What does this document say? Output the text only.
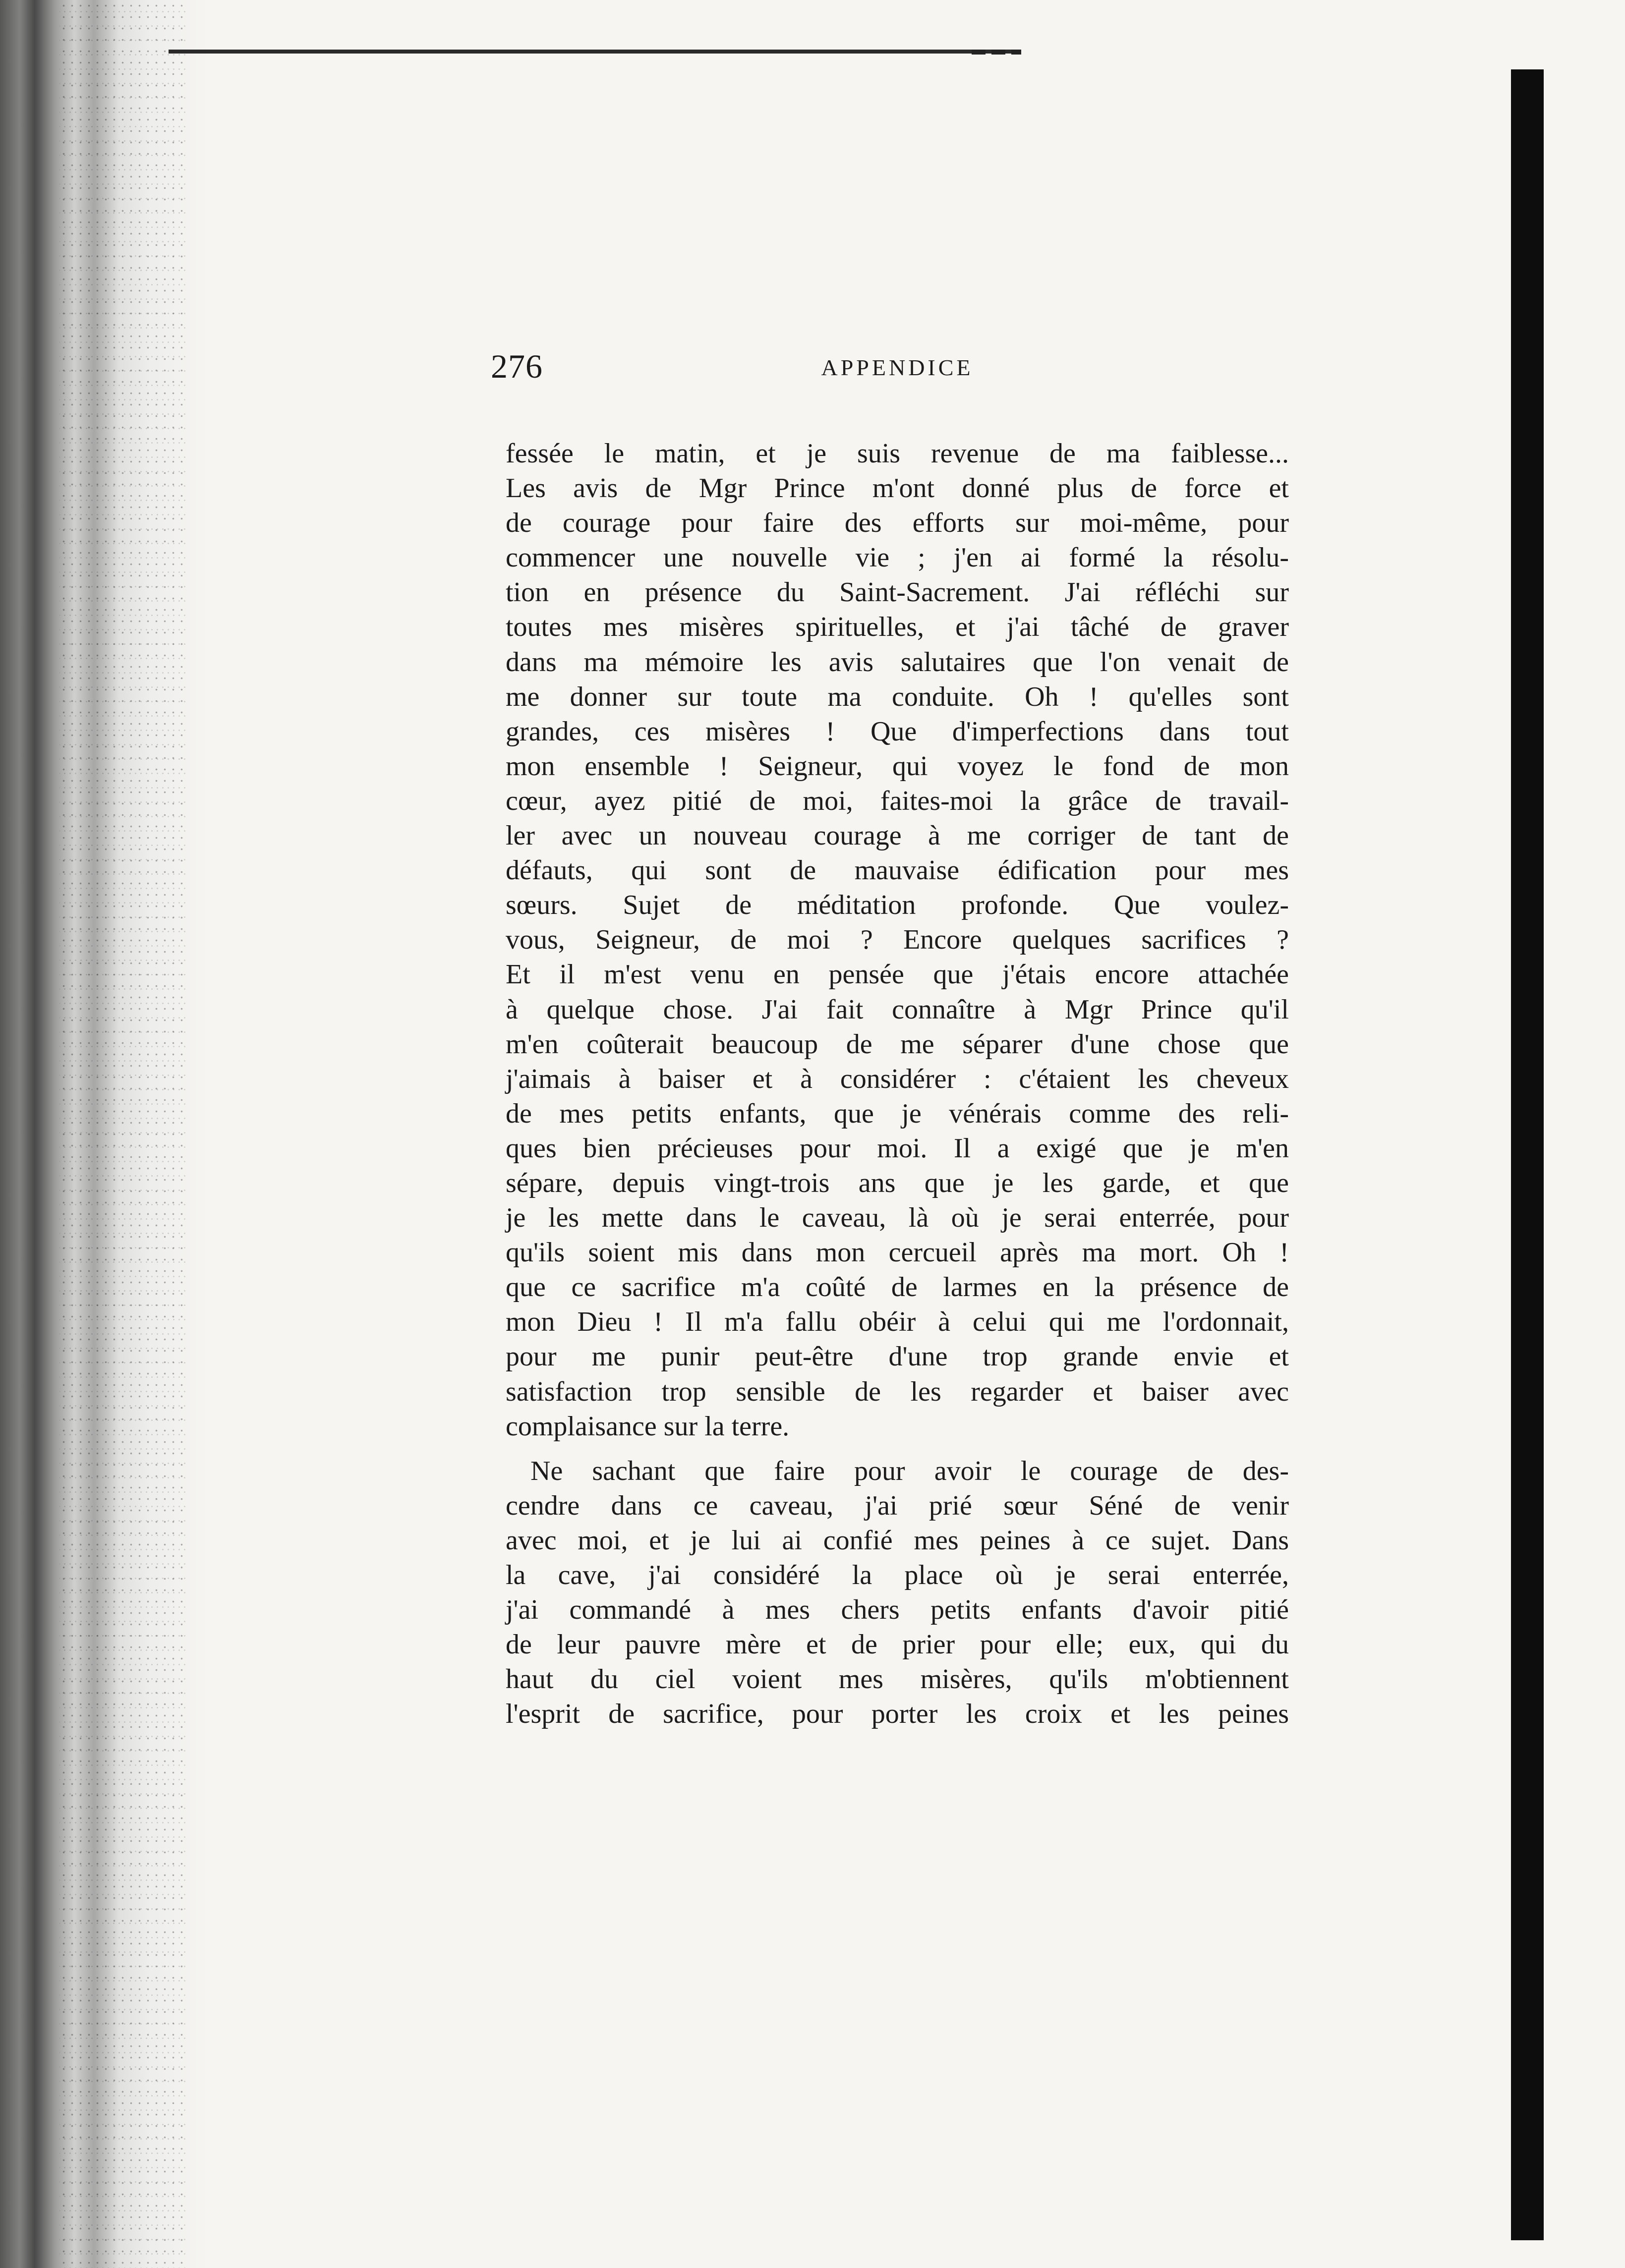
276	APPENDICE
fessée le matin, et je suis revenue de ma faiblesse...
Les avis de Mgr Prince m'ont donné plus de force et
de courage pour faire des efforts sur moi-même, pour
commencer une nouvelle vie ; j'en ai formé la résolu-
tion en présence du Saint-Sacrement. J'ai réfléchi sur
toutes mes misères spirituelles, et j'ai tâché de graver
dans ma mémoire les avis salutaires que l'on venait de
me donner sur toute ma conduite. Oh ! qu'elles sont
grandes, ces misères ! Que d'imperfections dans tout
mon ensemble ! Seigneur, qui voyez le fond de mon
cœur, ayez pitié de moi, faites-moi la grâce de travail-
ler avec un nouveau courage à me corriger de tant de
défauts, qui sont de mauvaise édification pour mes
sœurs. Sujet de méditation profonde. Que voulez-
vous, Seigneur, de moi ? Encore quelques sacrifices ?
Et il m'est venu en pensée que j'étais encore attachée
à quelque chose. J'ai fait connaître à Mgr Prince qu'il
m'en coûterait beaucoup de me séparer d'une chose que
j'aimais à baiser et à considérer : c'étaient les cheveux
de mes petits enfants, que je vénérais comme des reli-
ques bien précieuses pour moi. Il a exigé que je m'en
sépare, depuis vingt-trois ans que je les garde, et que
je les mette dans le caveau, là où je serai enterrée, pour
qu'ils soient mis dans mon cercueil après ma mort. Oh !
que ce sacrifice m'a coûté de larmes en la présence de
mon Dieu ! Il m'a fallu obéir à celui qui me l'ordonnait,
pour me punir peut-être d'une trop grande envie et
satisfaction trop sensible de les regarder et baiser avec
complaisance sur la terre.
Ne sachant que faire pour avoir le courage de des-
cendre dans ce caveau, j'ai prié sœur Séné de venir
avec moi, et je lui ai confié mes peines à ce sujet. Dans
la cave, j'ai considéré la place où je serai enterrée,
j'ai commandé à mes chers petits enfants d'avoir pitié
de leur pauvre mère et de prier pour elle; eux, qui du
haut du ciel voient mes misères, qu'ils m'obtiennent
l'esprit de sacrifice, pour porter les croix et les peines
